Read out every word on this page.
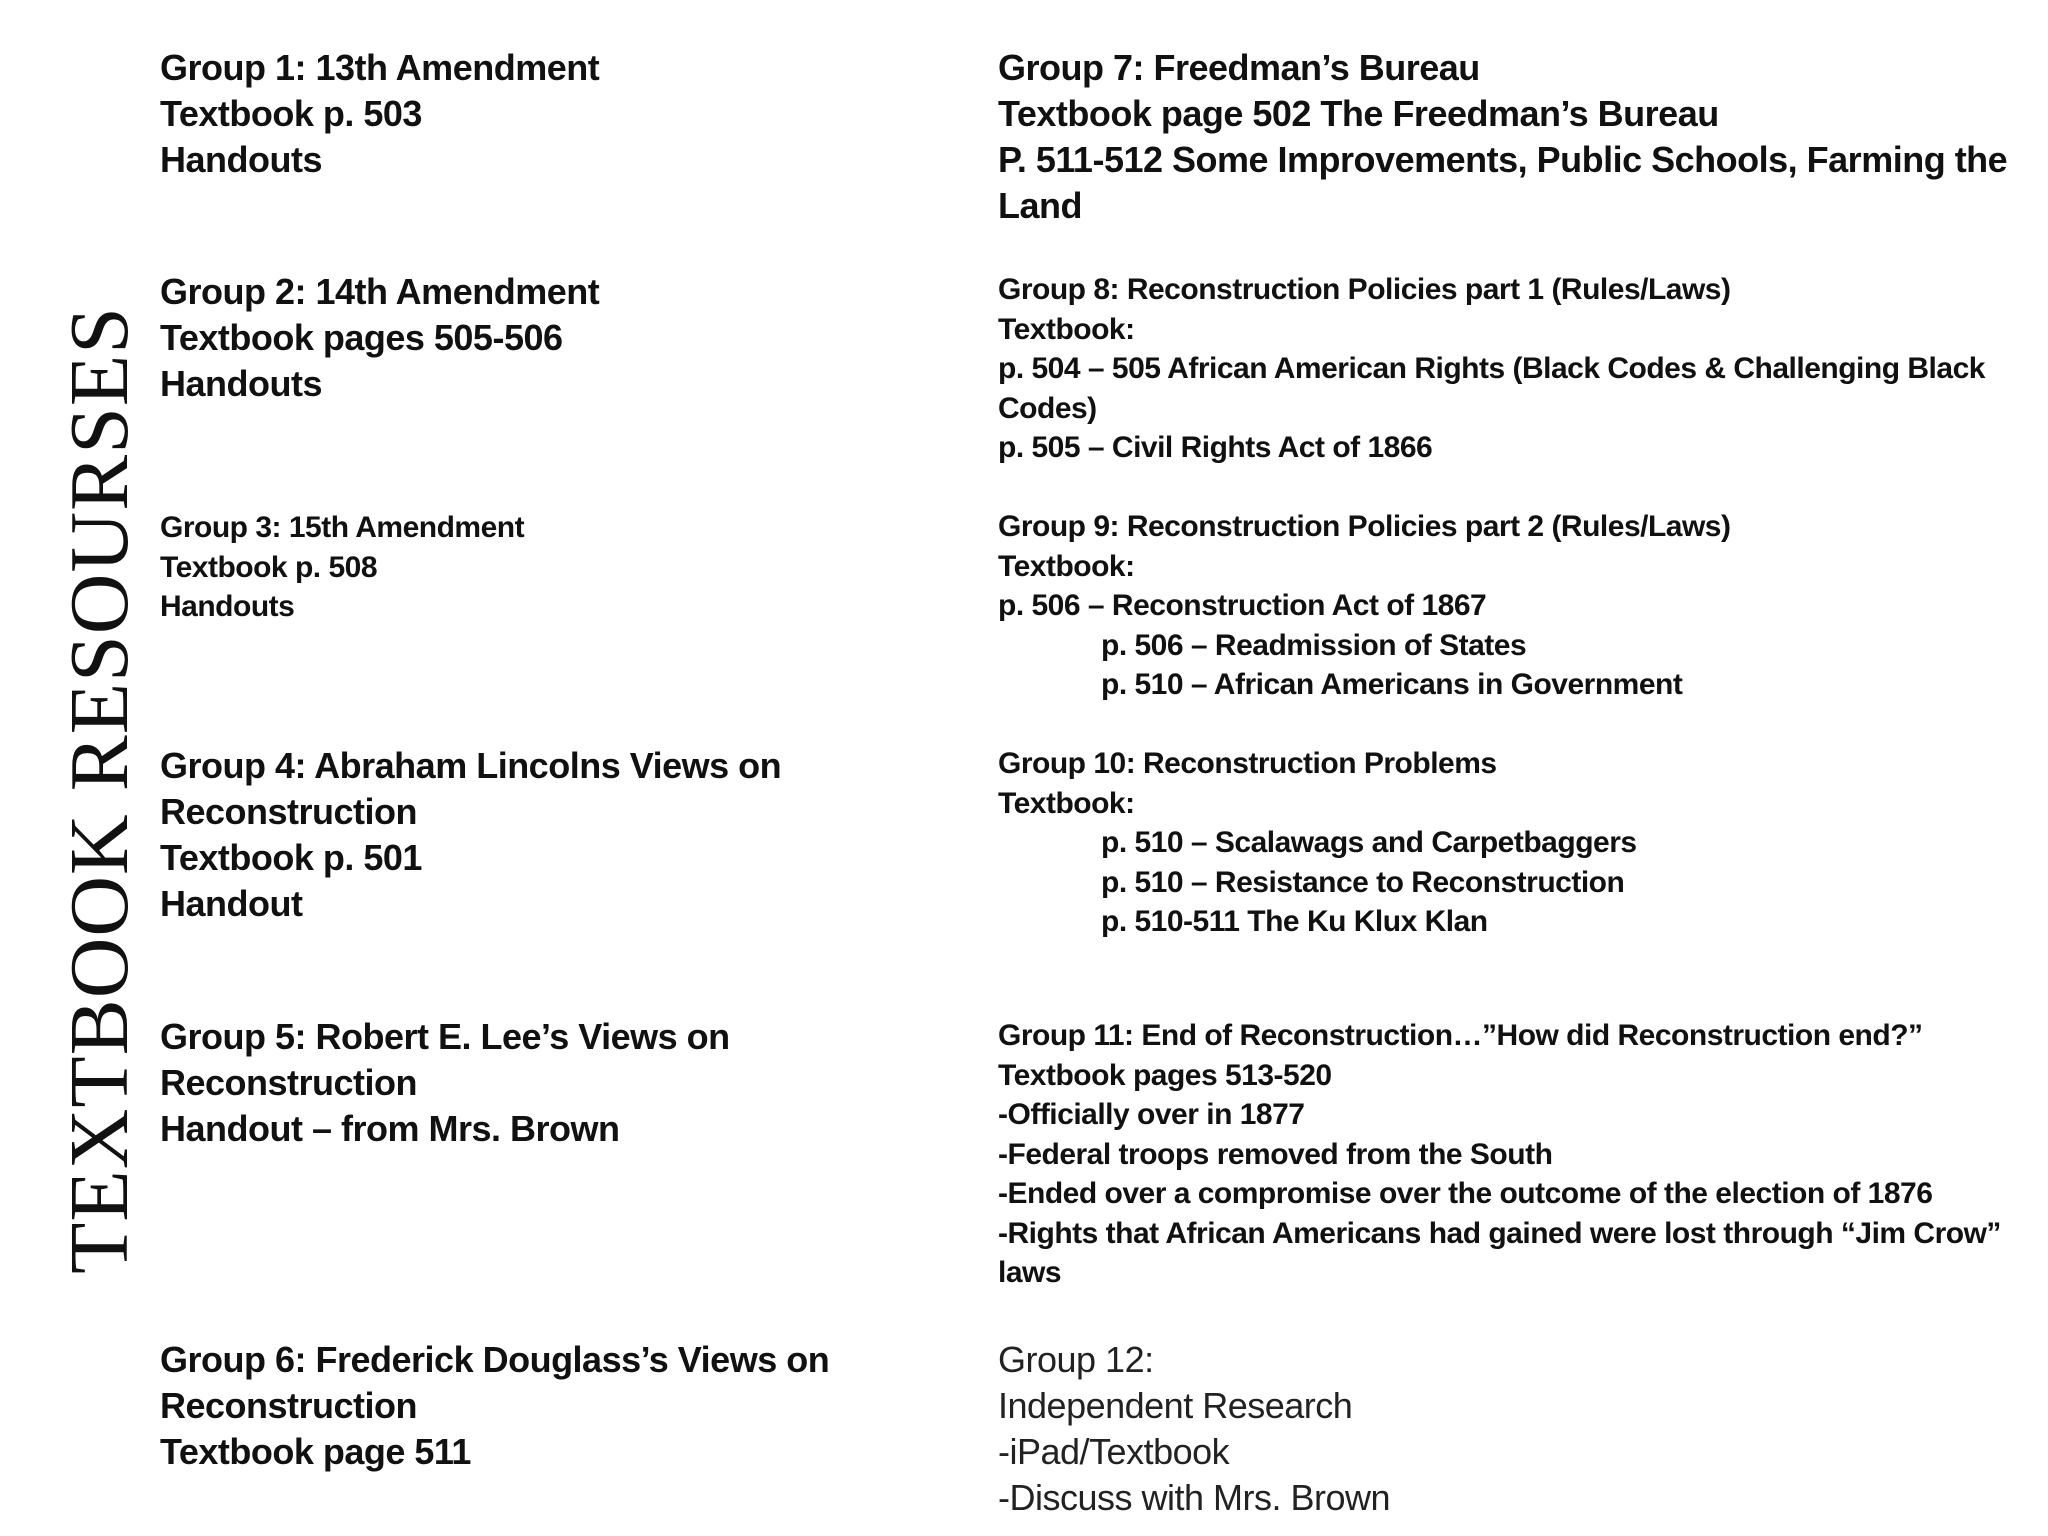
TEXTBOOK RESOURSES
Group 1: 13th Amendment
Textbook p. 503
Handouts
Group 2: 14th Amendment
Textbook pages 505-506
Handouts
Group 3: 15th Amendment
Textbook p. 508
Handouts
Group 4: Abraham Lincolns Views on
Reconstruction
Textbook p. 501
Handout
Group 5: Robert E. Lee’s Views on
Reconstruction
Handout – from Mrs. Brown
Group 6: Frederick Douglass’s Views on
Reconstruction
Textbook page 511
Group 7: Freedman’s Bureau
Textbook page 502 The Freedman’s Bureau
P. 511-512 Some Improvements, Public Schools, Farming the
Land
Group 8: Reconstruction Policies part 1 (Rules/Laws)
Textbook:
p. 504 – 505 African American Rights (Black Codes & Challenging Black
Codes)
p. 505 – Civil Rights Act of 1866
Group 9: Reconstruction Policies part 2 (Rules/Laws)
Textbook:
p. 506 – Reconstruction Act of 1867
p. 506 – Readmission of States
p. 510 – African Americans in Government
Group 10: Reconstruction Problems
Textbook:
p. 510 – Scalawags and Carpetbaggers
p. 510 – Resistance to Reconstruction
p. 510-511 The Ku Klux Klan
Group 11: End of Reconstruction…”How did Reconstruction end?”
Textbook pages 513-520
-Officially over in 1877
-Federal troops removed from the South
-Ended over a compromise over the outcome of the election of 1876
-Rights that African Americans had gained were lost through “Jim Crow”
laws
Group 12:
Independent Research
-iPad/Textbook
-Discuss with Mrs. Brown
